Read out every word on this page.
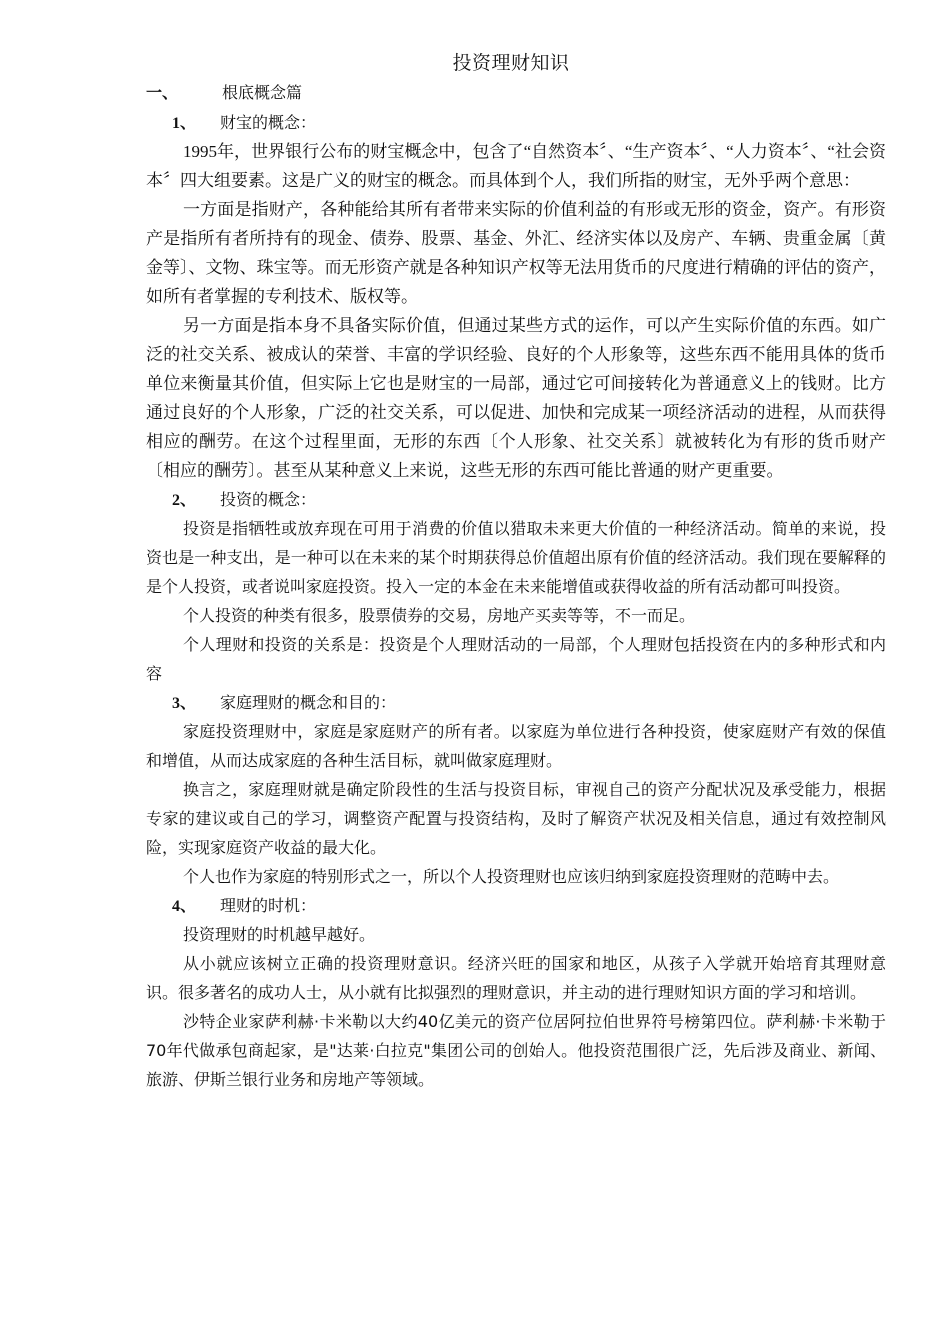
投资理财知识
一、	根底概念篇
1、 财宝的概念：

1995年，世界银行公布的财宝概念中，包含了“自然资本〞、“生产资本〞、“人力资本〞、“社会资本〞四大组要素。这是广义的财宝的概念。而具体到个人，我们所指的财宝，无外乎两个意思：

一方面是指财产，各种能给其所有者带来实际的价值利益的有形或无形的资金，资产。有形资产是指所有者所持有的现金、债券、股票、基金、外汇、经济实体以及房产、车辆、贵重金属〔黄金等〕、文物、珠宝等。而无形资产就是各种知识产权等无法用货币的尺度进行精确的评估的资产，如所有者掌握的专利技术、版权等。

另一方面是指本身不具备实际价值，但通过某些方式的运作，可以产生实际价值的东西。如广泛的社交关系、被成认的荣誉、丰富的学识经验、良好的个人形象等，这些东西不能用具体的货币单位来衡量其价值，但实际上它也是财宝的一局部，通过它可间接转化为普通意义上的钱财。比方通过良好的个人形象，广泛的社交关系，可以促进、加快和完成某一项经济活动的进程，从而获得相应的酬劳。在这个过程里面，无形的东西〔个人形象、社交关系〕就被转化为有形的货币财产〔相应的酬劳〕。甚至从某种意义上来说，这些无形的东西可能比普通的财产更重要。

2、 投资的概念：

投资是指牺牲或放弃现在可用于消费的价值以猎取未来更大价值的一种经济活动。简单的来说，投资也是一种支出，是一种可以在未来的某个时期获得总价值超出原有价值的经济活动。我们现在要解释的是个人投资，或者说叫家庭投资。投入一定的本金在未来能增值或获得收益的所有活动都可叫投资。

个人投资的种类有很多，股票债券的交易，房地产买卖等等，不一而足。

个人理财和投资的关系是：投资是个人理财活动的一局部，个人理财包括投资在内的多种形式和内容

3、 家庭理财的概念和目的：

家庭投资理财中，家庭是家庭财产的所有者。以家庭为单位进行各种投资，使家庭财产有效的保值和增值，从而达成家庭的各种生活目标，就叫做家庭理财。

换言之，家庭理财就是确定阶段性的生活与投资目标，审视自己的资产分配状况及承受能力，根据专家的建议或自己的学习，调整资产配置与投资结构，及时了解资产状况及相关信息，通过有效控制风险，实现家庭资产收益的最大化。

个人也作为家庭的特别形式之一，所以个人投资理财也应该归纳到家庭投资理财的范畴中去。

4、 理财的时机：

投资理财的时机越早越好。

从小就应该树立正确的投资理财意识。经济兴旺的国家和地区，从孩子入学就开始培育其理财意识。很多著名的成功人士，从小就有比拟强烈的理财意识，并主动的进行理财知识方面的学习和培训。

沙特企业家萨利赫·卡米勒以大约40亿美元的资产位居阿拉伯世界符号榜第四位。萨利赫·卡米勒于70年代做承包商起家，是"达莱·白拉克"集团公司的创始人。他投资范围很广泛，先后涉及商业、新闻、旅游、伊斯兰银行业务和房地产等领域。
